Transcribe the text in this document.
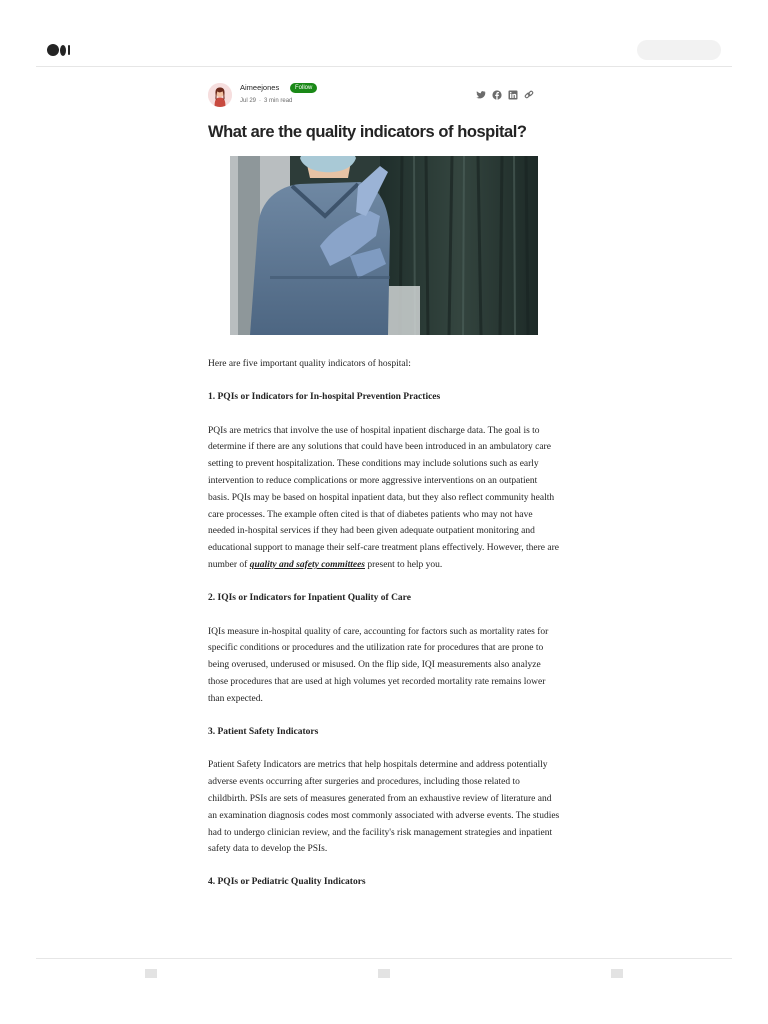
Aimeejones	Follow
Jul 29 · 3 min read
What are the quality indicators of hospital?

Here are five important quality indicators of hospital:

1. PQIs or Indicators for In-hospital Prevention Practices

PQIs are metrics that involve the use of hospital inpatient discharge data. The goal is to determine if there are any solutions that could have been introduced in an ambulatory care setting to prevent hospitalization. These conditions may include solutions such as early intervention to reduce complications or more aggressive interventions on an outpatient basis. PQIs may be based on hospital inpatient data, but they also reflect community health care processes. The example often cited is that of diabetes patients who may not have needed in-hospital services if they had been given adequate outpatient monitoring and educational support to manage their self-care treatment plans effectively. However, there are number of quality and safety committees present to help you.

2. IQIs or Indicators for Inpatient Quality of Care

IQIs measure in-hospital quality of care, accounting for factors such as mortality rates for specific conditions or procedures and the utilization rate for procedures that are prone to being overused, underused or misused. On the flip side, IQI measurements also analyze those procedures that are used at high volumes yet recorded mortality rate remains lower than expected.

3. Patient Safety Indicators

Patient Safety Indicators are metrics that help hospitals determine and address potentially adverse events occurring after surgeries and procedures, including those related to childbirth. PSIs are sets of measures generated from an exhaustive review of literature and an examination diagnosis codes most commonly associated with adverse events. The studies had to undergo clinician review, and the facility's risk management strategies and inpatient safety data to develop the PSIs.

4. PQIs or Pediatric Quality Indicators
